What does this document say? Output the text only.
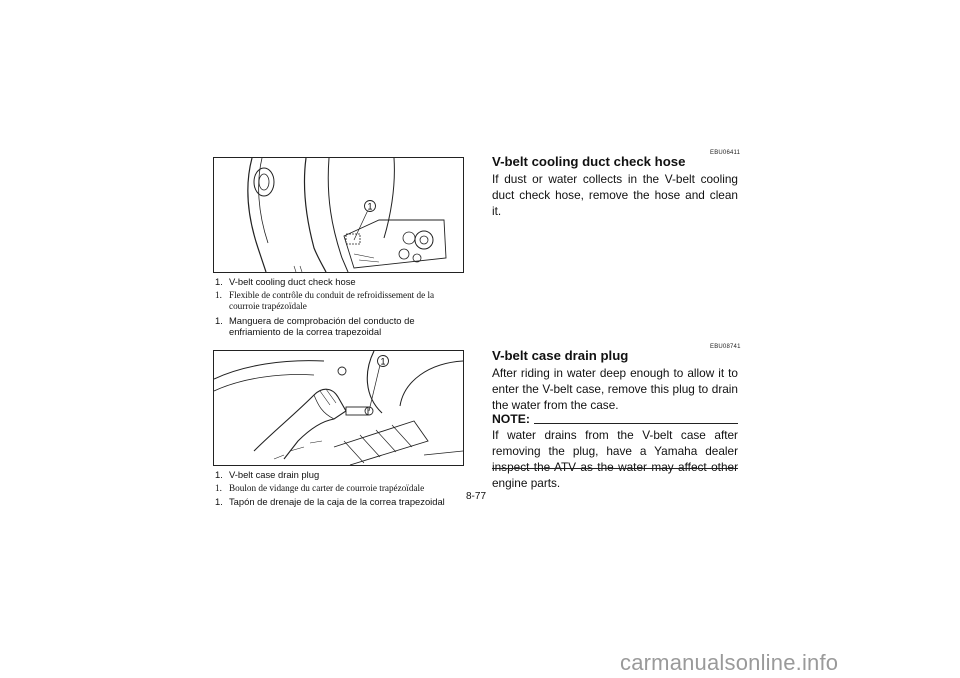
1
1. V-belt cooling duct check hose
1. Flexible de contrôle du conduit de refroidissement de la courroie trapézoïdale
1. Manguera de comprobación del conducto de enfriamiento de la correa trapezoidal
1
1. V-belt case drain plug
1. Boulon de vidange du carter de courroie trapézoïdale
1. Tapón de drenaje de la caja de la correa trapezoidal
EBU06411
V-belt cooling duct check hose
If dust or water collects in the V-belt cooling duct check hose, remove the hose and clean it.
EBU08741
V-belt case drain plug
After riding in water deep enough to allow it to enter the V-belt case, remove this plug to drain the water from the case.
NOTE:
If water drains from the V-belt case after removing the plug, have a Yamaha dealer inspect the ATV as the water may affect other engine parts.
8-77
carmanualsonline.info
